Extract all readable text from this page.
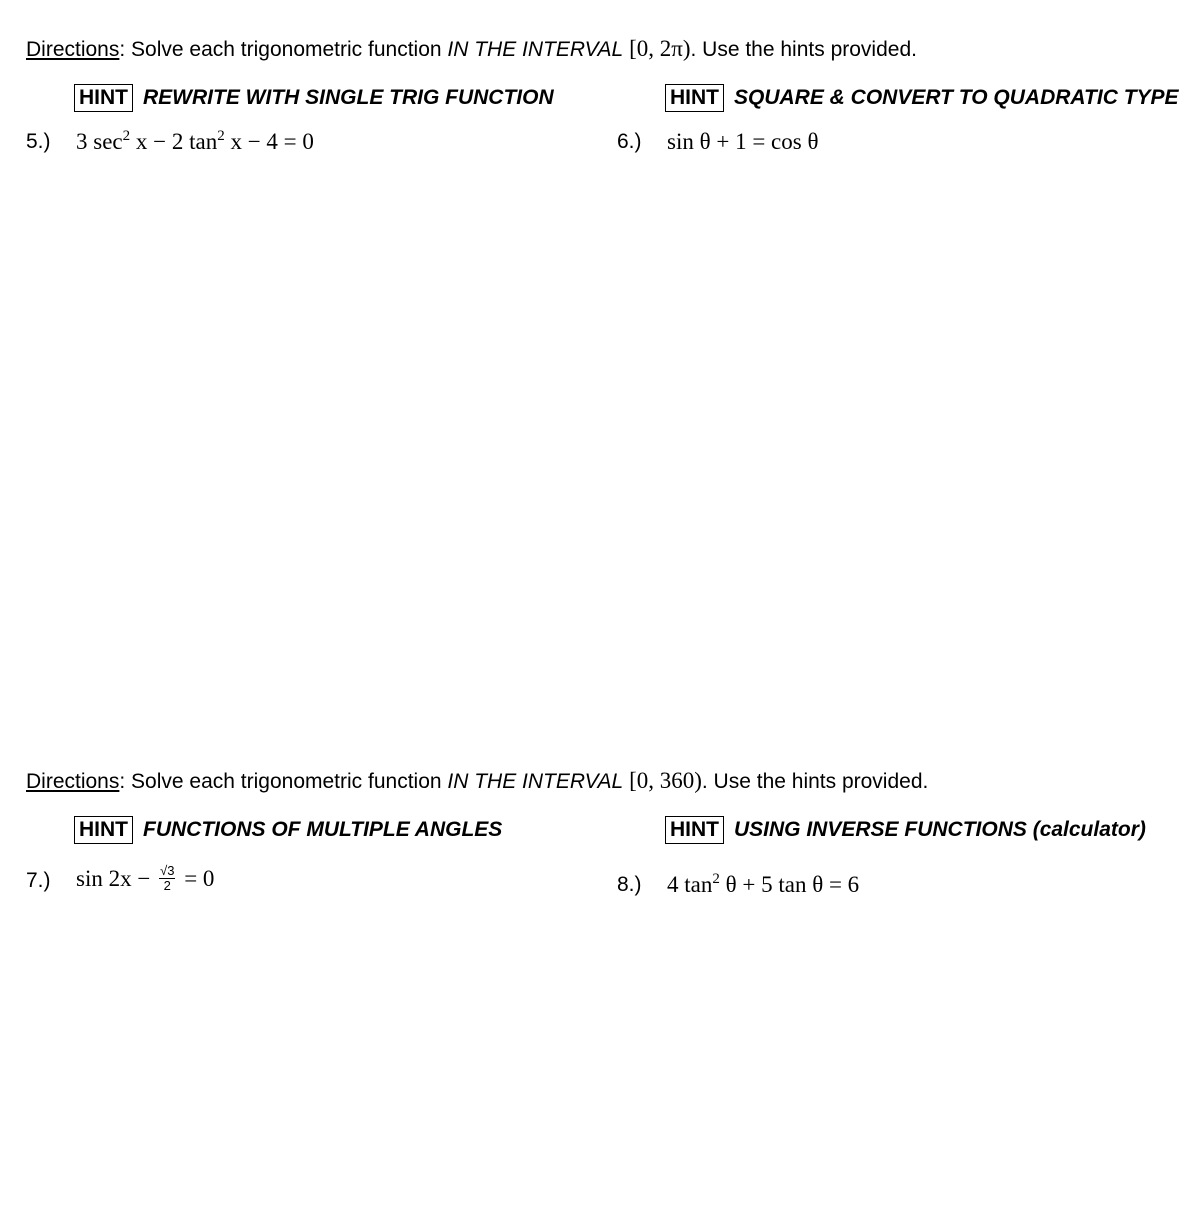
Directions: Solve each trigonometric function IN THE INTERVAL [0, 2π). Use the hints provided.
HINT REWRITE WITH SINGLE TRIG FUNCTION	HINT SQUARE & CONVERT TO QUADRATIC TYPE
5.)	3 $\sec^2 x - 2$ $\tan^2 x - 4 = 0$	6.)	sin θ + 1 = cos θ
Directions: Solve each trigonometric function IN THE INTERVAL [0, 360). Use the hints provided.
HINT FUNCTIONS OF MULTIPLE ANGLES	HINT USING INVERSE FUNCTIONS (calculator)
7.)	$\sin 2x - \frac{√3}{2} = 0$	8.)	4 $\tan^2 \theta + 5$ tan θ = 6
